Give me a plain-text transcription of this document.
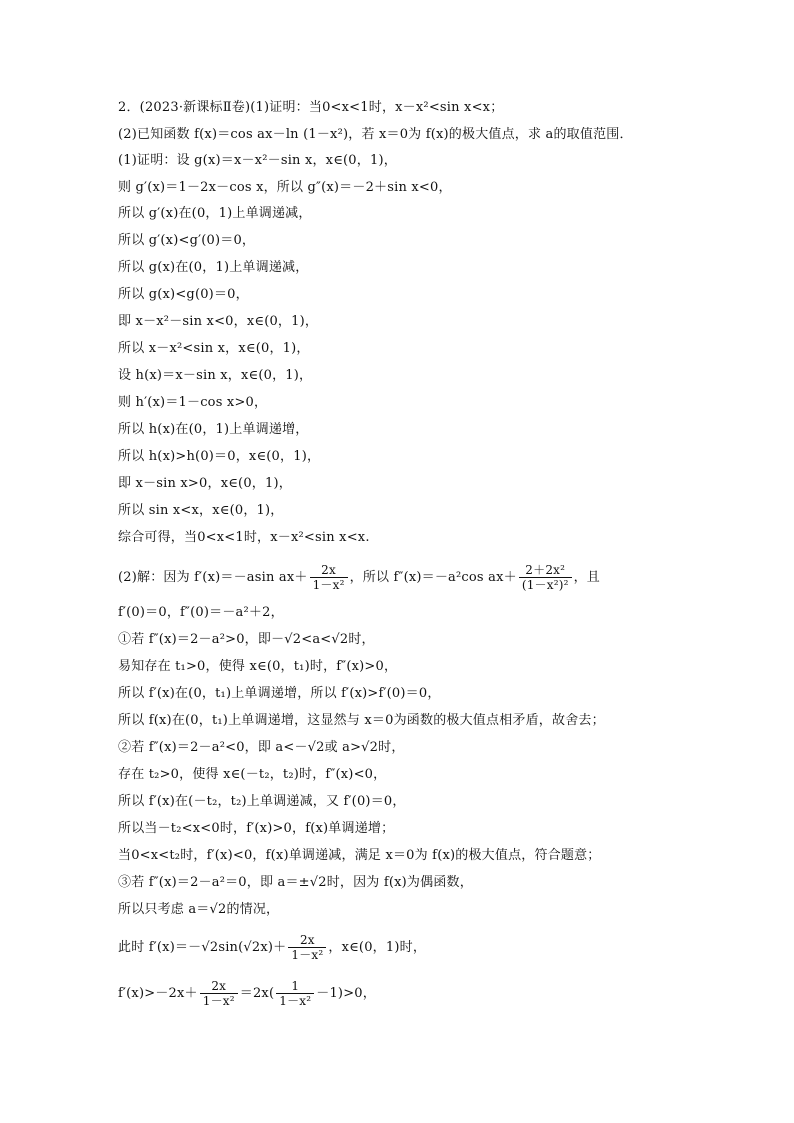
2．(2023·新课标Ⅱ卷)(1)证明：当0<x<1时，x－x²<sin x<x；
(2)已知函数 f(x)＝cos ax－ln (1－x²)，若 x＝0为 f(x)的极大值点，求 a的取值范围．
(1)证明：设 g(x)＝x－x²－sin x，x∈(0，1)，
则 g′(x)＝1－2x－cos x，所以 g″(x)＝－2＋sin x<0，
所以 g′(x)在(0，1)上单调递减，
所以 g′(x)<g′(0)＝0，
所以 g(x)在(0，1)上单调递减，
所以 g(x)<g(0)＝0，
即 x－x²－sin x<0，x∈(0，1)，
所以 x－x²<sin x，x∈(0，1)，
设 h(x)＝x－sin x，x∈(0，1)，
则 h′(x)＝1－cos x>0，
所以 h(x)在(0，1)上单调递增，
所以 h(x)>h(0)＝0，x∈(0，1)，
即 x－sin x>0，x∈(0，1)，
所以 sin x<x，x∈(0，1)，
综合可得，当0<x<1时，x－x²<sin x<x.
(2)解：因为 f′(x)＝－asin $ax+ \frac{2x}{\text{1－x²}}$ ，所以 f″(x)＝－a²cos $ax+ \frac{\text{2＋2x²}}{\text{(1－x²)²}}$ ，且
f′(0)＝0，f″(0)＝－a²＋2，
①若 f″(x)＝2－a²>0，即－√2<a<√2时，
易知存在 t₁>0，使得 x∈(0，t₁)时，f″(x)>0，
所以 f′(x)在(0，t₁)上单调递增，所以 f′(x)>f′(0)＝0，
所以 f(x)在(0，t₁)上单调递增，这显然与 x＝0为函数的极大值点相矛盾，故舍去；
②若 f″(x)＝2－a²<0，即 a<－√2或 a>√2时，
存在 t₂>0，使得 x∈(－t₂，t₂)时，f″(x)<0，
所以 f′(x)在(－t₂，t₂)上单调递减，又 f′(0)＝0，
所以当－t₂<x<0时，f′(x)>0，f(x)单调递增；
当0<x<t₂时，f′(x)<0，f(x)单调递减，满足 x＝0为 f(x)的极大值点，符合题意；
③若 f″(x)＝2－a²＝0，即 a＝±√2时，因为 f(x)为偶函数，
所以只考虑 a＝√2的情况，
此时 $f'(x)=-√2\sin(√2x)+ \frac{2x}{\text{1－x²}}$ ，x∈(0，1)时，
$f'(x)>-2x+ \frac{2x}{\text{1－x²}} =2x( \frac{1}{\text{1－x²}} -1)>0$，
